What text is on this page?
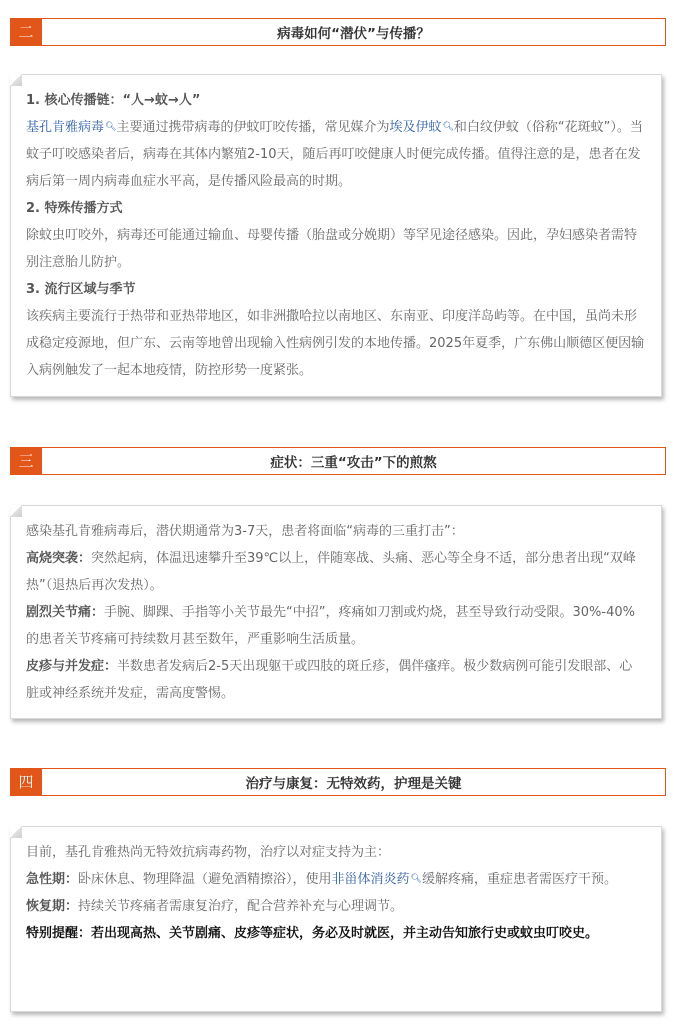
二	病毒如何“潜伏”与传播？
1. 核心传播链：“人→蚊→人”
基孔肯雅病毒🔍︎主要通过携带病毒的伊蚊叮咬传播，常见媒介为埃及伊蚊🔍︎和白纹伊蚊（俗称“花斑蚊”）。当蚊子叮咬感染者后，病毒在其体内繁殖2-10天，随后再叮咬健康人时便完成传播。值得注意的是，患者在发病后第一周内病毒血症水平高，是传播风险最高的时期。
2. 特殊传播方式
除蚊虫叮咬外，病毒还可能通过输血、母婴传播（胎盘或分娩期）等罕见途径感染。因此，孕妇感染者需特别注意胎儿防护。
3. 流行区域与季节
该疾病主要流行于热带和亚热带地区，如非洲撒哈拉以南地区、东南亚、印度洋岛屿等。在中国，虽尚未形成稳定疫源地，但广东、云南等地曾出现输入性病例引发的本地传播。2025年夏季，广东佛山顺德区便因输入病例触发了一起本地疫情，防控形势一度紧张。
三	症状：三重“攻击”下的煎熬
感染基孔肯雅病毒后，潜伏期通常为3-7天，患者将面临“病毒的三重打击”：
高烧突袭：突然起病，体温迅速攀升至39℃以上，伴随寒战、头痛、恶心等全身不适，部分患者出现“双峰热”（退热后再次发热）。
剧烈关节痛：手腕、脚踝、手指等小关节最先“中招”，疼痛如刀割或灼烧，甚至导致行动受限。30%-40%的患者关节疼痛可持续数月甚至数年，严重影响生活质量。
皮疹与并发症：半数患者发病后2-5天出现躯干或四肢的斑丘疹，偶伴瘙痒。极少数病例可能引发眼部、心脏或神经系统并发症，需高度警惕。
四	治疗与康复：无特效药，护理是关键
目前，基孔肯雅热尚无特效抗病毒药物，治疗以对症支持为主：
急性期：卧床休息、物理降温（避免酒精擦浴），使用非甾体消炎药🔍︎缓解疼痛，重症患者需医疗干预。
恢复期：持续关节疼痛者需康复治疗，配合营养补充与心理调节。
特别提醒：若出现高热、关节剧痛、皮疹等症状，务必及时就医，并主动告知旅行史或蚊虫叮咬史。
